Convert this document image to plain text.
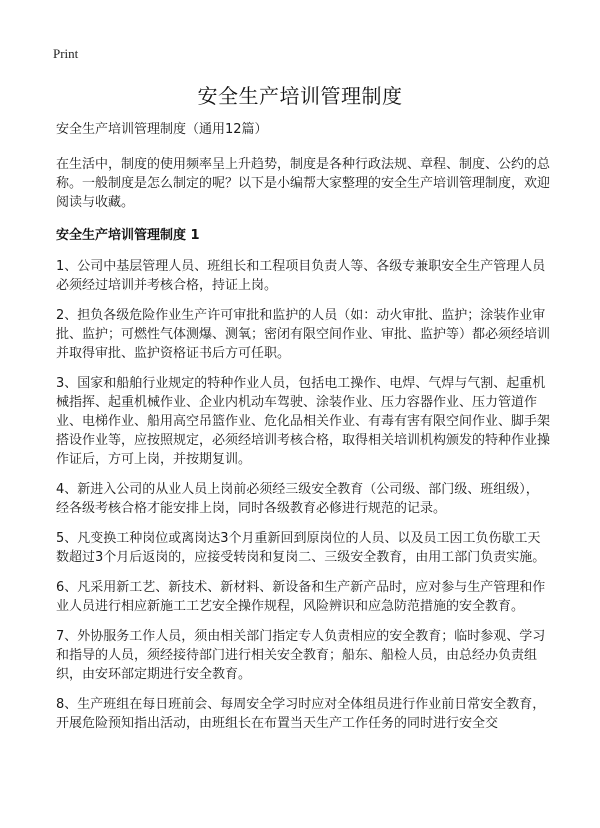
Print
安全生产培训管理制度

安全生产培训管理制度（通用12篇）

在生活中，制度的使用频率呈上升趋势，制度是各种行政法规、章程、制度、公约的总称。一般制度是怎么制定的呢？以下是小编帮大家整理的安全生产培训管理制度，欢迎阅读与收藏。

安全生产培训管理制度 1

1、公司中基层管理人员、班组长和工程项目负责人等、各级专兼职安全生产管理人员必须经过培训并考核合格，持证上岗。

2、担负各级危险作业生产许可审批和监护的人员（如：动火审批、监护；涂装作业审批、监护；可燃性气体测爆、测氧；密闭有限空间作业、审批、监护等）都必须经培训并取得审批、监护资格证书后方可任职。

3、国家和船舶行业规定的特种作业人员，包括电工操作、电焊、气焊与气割、起重机械指挥、起重机械作业、企业内机动车驾驶、涂装作业、压力容器作业、压力管道作业、电梯作业、船用高空吊篮作业、危化品相关作业、有毒有害有限空间作业、脚手架搭设作业等，应按照规定，必须经培训考核合格，取得相关培训机构颁发的特种作业操作证后，方可上岗，并按期复训。

4、新进入公司的从业人员上岗前必须经三级安全教育（公司级、部门级、班组级），经各级考核合格才能安排上岗，同时各级教育必修进行规范的记录。

5、凡变换工种岗位或离岗达3个月重新回到原岗位的人员、以及员工因工负伤歇工天数超过3个月后返岗的，应接受转岗和复岗二、三级安全教育，由用工部门负责实施。

6、凡采用新工艺、新技术、新材料、新设备和生产新产品时，应对参与生产管理和作业人员进行相应新施工工艺安全操作规程，风险辨识和应急防范措施的安全教育。

7、外协服务工作人员，须由相关部门指定专人负责相应的安全教育；临时参观、学习和指导的人员，须经接待部门进行相关安全教育；船东、船检人员，由总经办负责组织，由安环部定期进行安全教育。

8、生产班组在每日班前会、每周安全学习时应对全体组员进行作业前日常安全教育，开展危险预知指出活动，由班组长在布置当天生产工作任务的同时进行安全交
